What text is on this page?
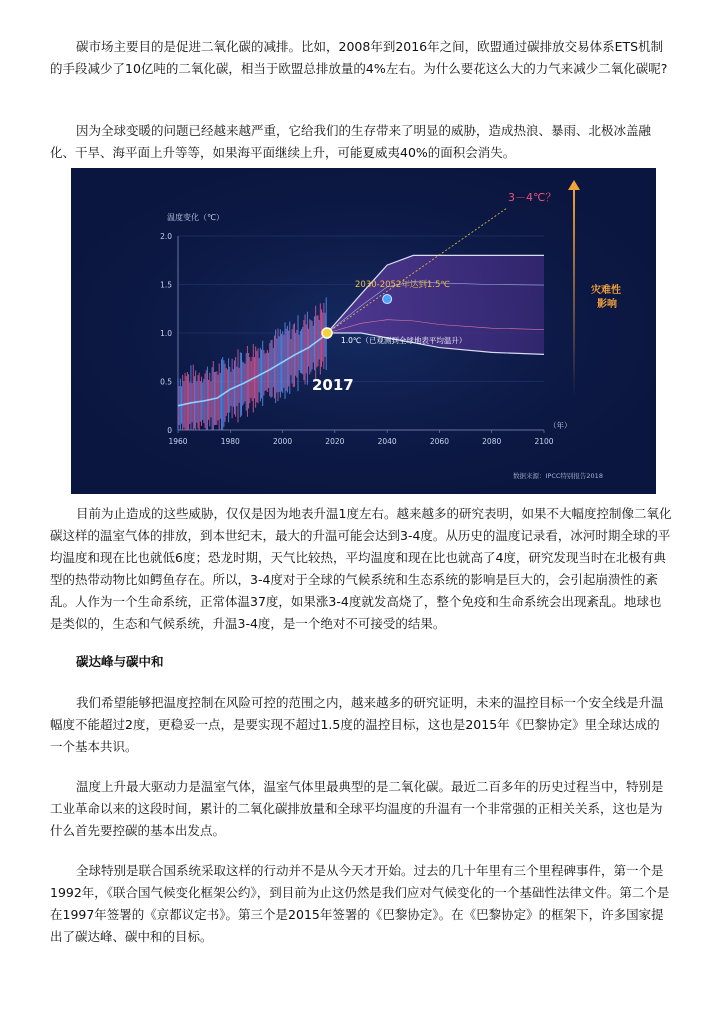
碳市场主要目的是促进二氧化碳的减排。比如，2008年到2016年之间，欧盟通过碳排放交易体系ETS机制的手段减少了10亿吨的二氧化碳，相当于欧盟总排放量的4%左右。为什么要花这么大的力气来减少二氧化碳呢?

因为全球变暖的问题已经越来越严重，它给我们的生存带来了明显的威胁，造成热浪、暴雨、北极冰盖融化、干旱、海平面上升等等，如果海平面继续上升，可能夏威夷40%的面积会消失。

0
0.5
1.0
1.5
2.0
1960	1980	2000	2020	2040	2060	2080	2100
温度变化（℃）
（年）
3－4℃？
2030-2052年达到1.5℃
1.0℃（已观测到全球地表平均温升）
2017
灾难性影响
数据来源：IPCC特别报告2018

目前为止造成的这些威胁，仅仅是因为地表升温1度左右。越来越多的研究表明，如果不大幅度控制像二氧化碳这样的温室气体的排放，到本世纪末，最大的升温可能会达到3-4度。从历史的温度记录看，冰河时期全球的平均温度和现在比也就低6度；恐龙时期，天气比较热，平均温度和现在比也就高了4度，研究发现当时在北极有典型的热带动物比如鳄鱼存在。所以，3-4度对于全球的气候系统和生态系统的影响是巨大的，会引起崩溃性的紊乱。人作为一个生命系统，正常体温37度，如果涨3-4度就发高烧了，整个免疫和生命系统会出现紊乱。地球也是类似的，生态和气候系统，升温3-4度，是一个绝对不可接受的结果。

碳达峰与碳中和

我们希望能够把温度控制在风险可控的范围之内，越来越多的研究证明，未来的温控目标一个安全线是升温幅度不能超过2度，更稳妥一点，是要实现不超过1.5度的温控目标，这也是2015年《巴黎协定》里全球达成的一个基本共识。

温度上升最大驱动力是温室气体，温室气体里最典型的是二氧化碳。最近二百多年的历史过程当中，特别是工业革命以来的这段时间，累计的二氧化碳排放量和全球平均温度的升温有一个非常强的正相关关系，这也是为什么首先要控碳的基本出发点。

全球特别是联合国系统采取这样的行动并不是从今天才开始。过去的几十年里有三个里程碑事件，第一个是1992年，《联合国气候变化框架公约》，到目前为止这仍然是我们应对气候变化的一个基础性法律文件。第二个是在1997年签署的《京都议定书》。第三个是2015年签署的《巴黎协定》。在《巴黎协定》的框架下，许多国家提出了碳达峰、碳中和的目标。
